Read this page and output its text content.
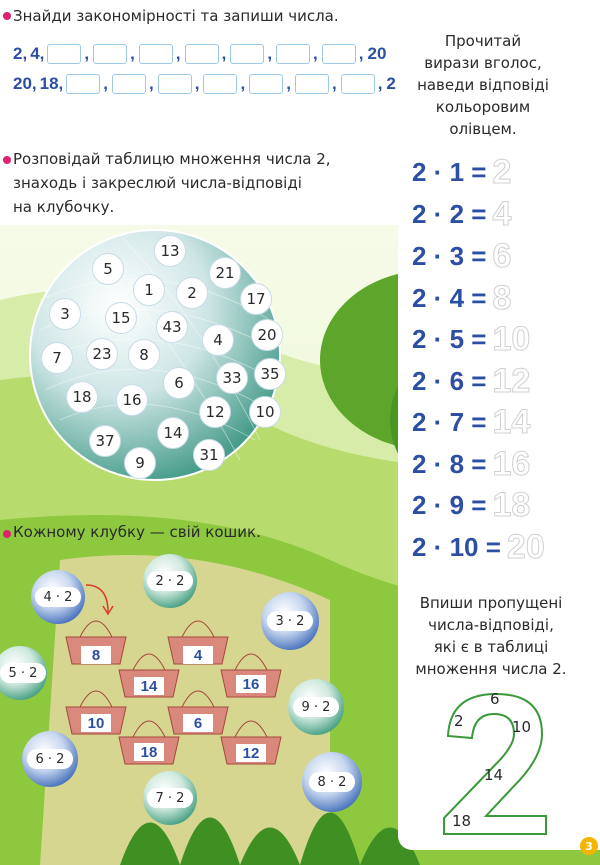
Знайди закономірності та запиши числа.
2, 4, , , , , , , , 20
20, 18, , , , , , , , 2
Розповідай таблицю множення числа 2,
знаходь і закреслюй числа-відповіді
на клубочку.
13
5	21
1	2	17
3	15	43	20
4
7	23	8
6	33	35
18	16
12	10
14
37
31
9
Кожному клубку — свій кошик.
4 · 2
2 · 2
3 · 2
5 · 2
9 · 2
6 · 2
8 · 2
7 · 2
8	4
14	16
10	6
18	12
Прочитай
вирази вголос,
наведи відповіді
кольоровим
олівцем.
2 · 1 = 2
2 · 2 = 4
2 · 3 = 6
2 · 4 = 8
2 · 5 = 10
2 · 6 = 12
2 · 7 = 14
2 · 8 = 16
2 · 9 = 18
2 · 10 = 20
Впиши пропущені
числа-відповіді,
які є в таблиці
множення числа 2.
6
2	10
14
18
3
